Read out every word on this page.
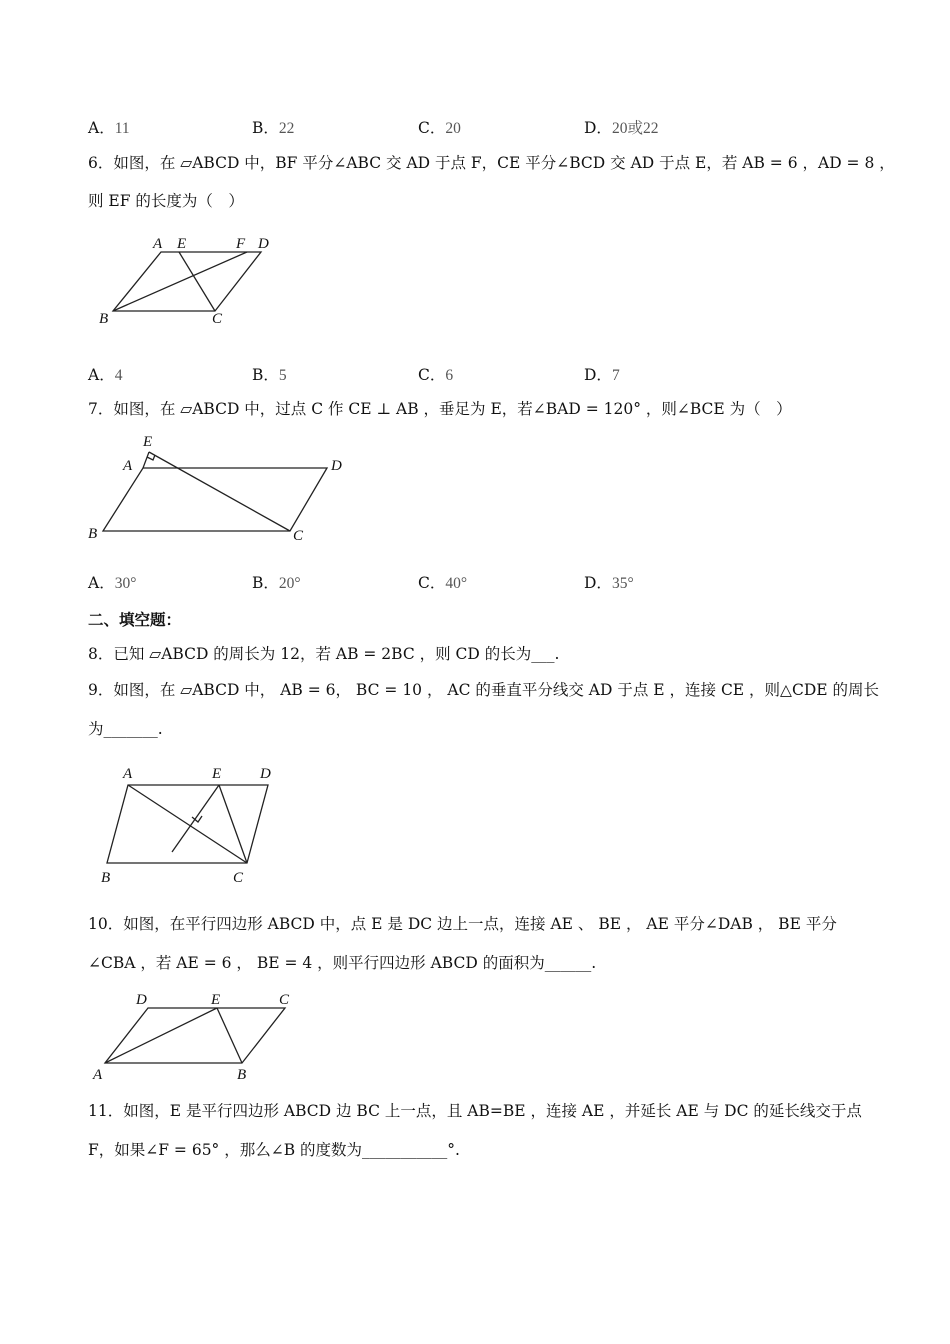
A．11	B．22	C．20	D．20或22
6．如图，在 ▱ABCD 中，BF 平分∠ABC 交 AD 于点 F，CE 平分∠BCD 交 AD 于点 E，若 AB = 6 ，AD = 8 ，
则 EF 的长度为（　）
A E	F D
B	C
A．4	B．5	C．6	D．7
7．如图，在 ▱ABCD 中，过点 C 作 CE ⊥ AB ，垂足为 E，若∠BAD = 120° ，则∠BCE 为（　）
E
A	D
B	C
A．30°	B．20°	C．40°	D．35°
二、填空题：
8．已知 ▱ABCD 的周长为 12，若 AB = 2BC ，则 CD 的长为___.
9．如图，在 ▱ABCD 中， AB = 6， BC = 10 ， AC 的垂直平分线交 AD 于点 E ，连接 CE ，则△CDE 的周长
为_______.
A	E	D
B	C
10．如图，在平行四边形 ABCD 中，点 E 是 DC 边上一点，连接 AE 、 BE ， AE 平分∠DAB ， BE 平分
∠CBA ，若 AE = 6 ， BE = 4 ，则平行四边形 ABCD 的面积为______.
D	E	C
A	B
11．如图，E 是平行四边形 ABCD 边 BC 上一点，且 AB=BE ，连接 AE ，并延长 AE 与 DC 的延长线交于点
F，如果∠F = 65° ，那么∠B 的度数为___________°.
